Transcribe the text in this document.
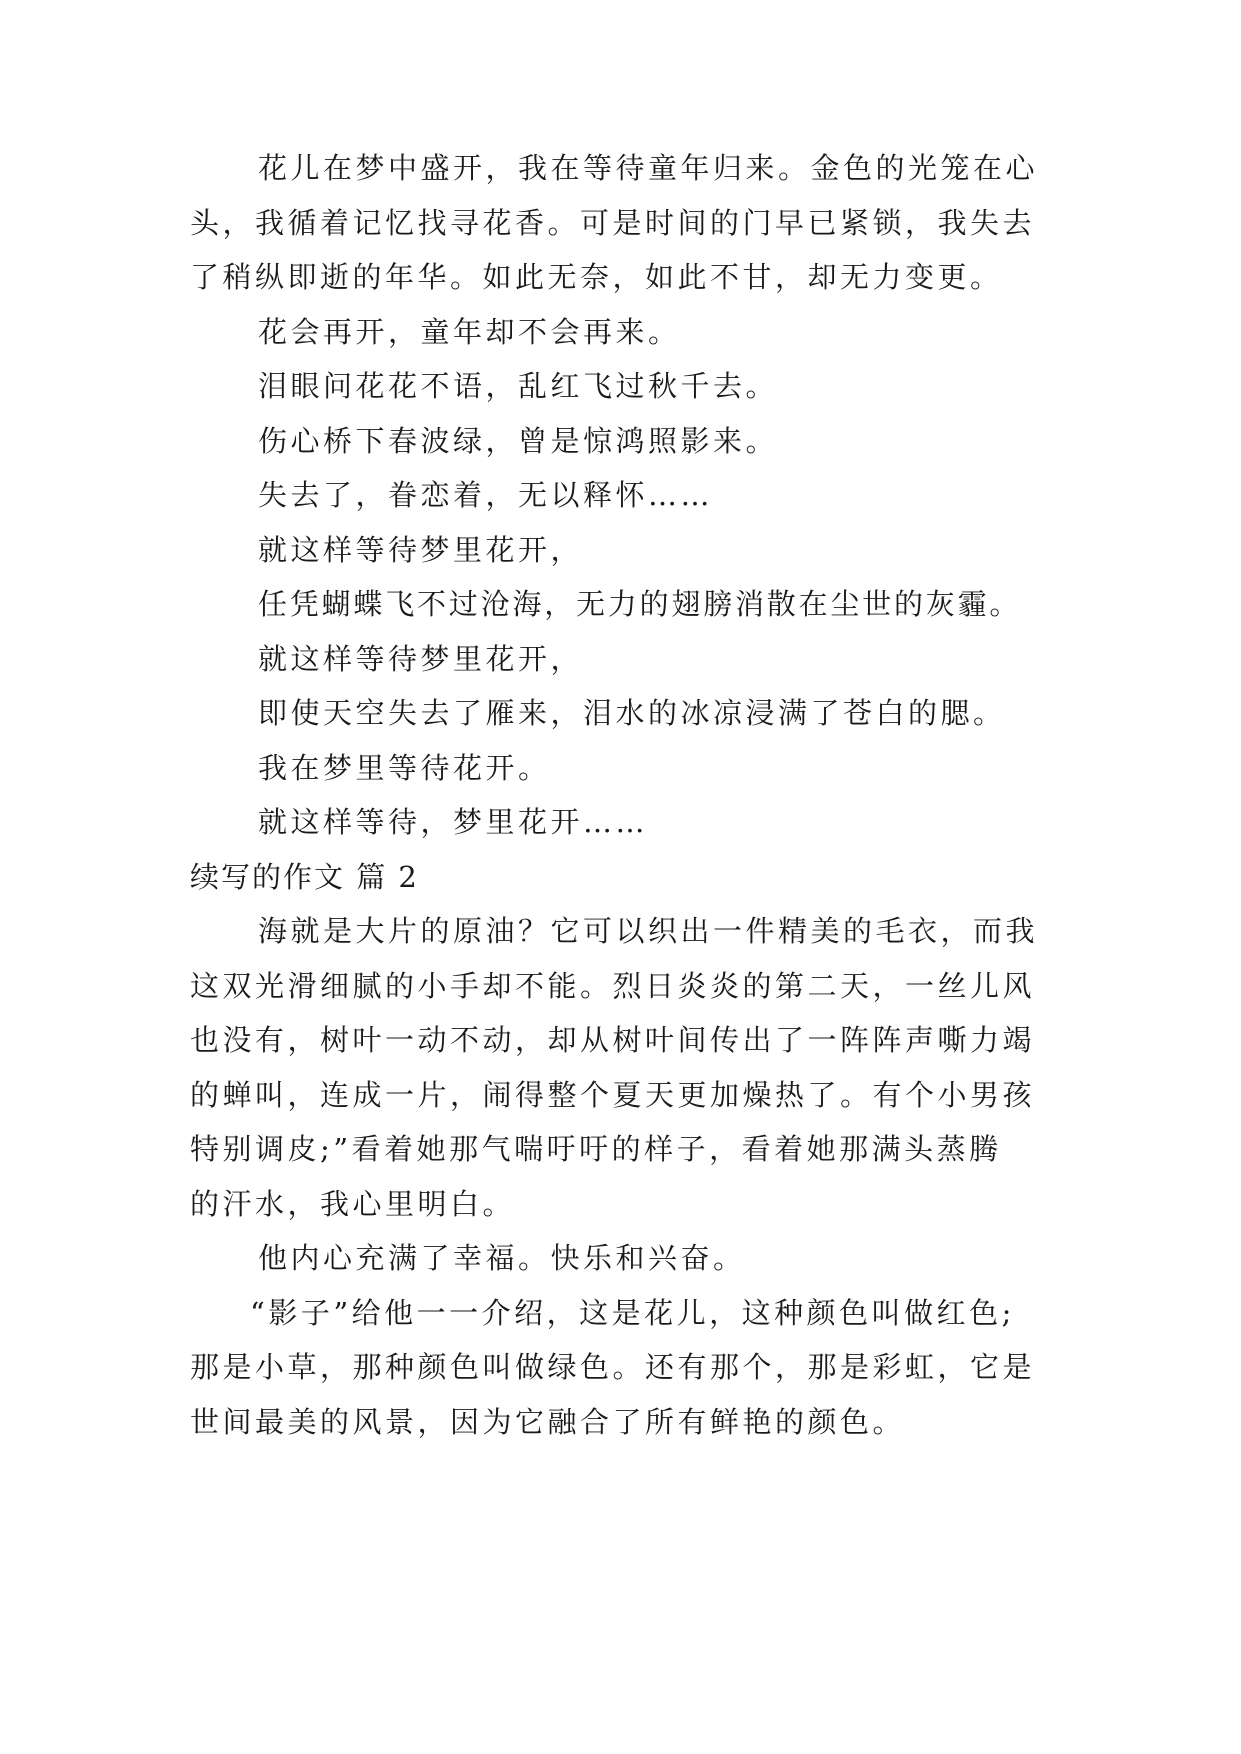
花儿在梦中盛开，我在等待童年归来。金色的光笼在心
头，我循着记忆找寻花香。可是时间的门早已紧锁，我失去
了稍纵即逝的年华。如此无奈，如此不甘，却无力变更。
花会再开，童年却不会再来。
泪眼问花花不语，乱红飞过秋千去。
伤心桥下春波绿，曾是惊鸿照影来。
失去了，眷恋着，无以释怀……
就这样等待梦里花开，
任凭蝴蝶飞不过沧海，无力的翅膀消散在尘世的灰霾。
就这样等待梦里花开，
即使天空失去了雁来，泪水的冰凉浸满了苍白的腮。
我在梦里等待花开。
就这样等待，梦里花开……
续写的作文 篇 2
海就是大片的原油？它可以织出一件精美的毛衣，而我
这双光滑细腻的小手却不能。烈日炎炎的第二天，一丝儿风
也没有，树叶一动不动，却从树叶间传出了一阵阵声嘶力竭
的蝉叫，连成一片，闹得整个夏天更加燥热了。有个小男孩
特别调皮;”看着她那气喘吁吁的样子，看着她那满头蒸腾
的汗水，我心里明白。
他内心充满了幸福。快乐和兴奋。
“影子”给他一一介绍，这是花儿，这种颜色叫做红色;
那是小草，那种颜色叫做绿色。还有那个，那是彩虹，它是
世间最美的风景，因为它融合了所有鲜艳的颜色。
